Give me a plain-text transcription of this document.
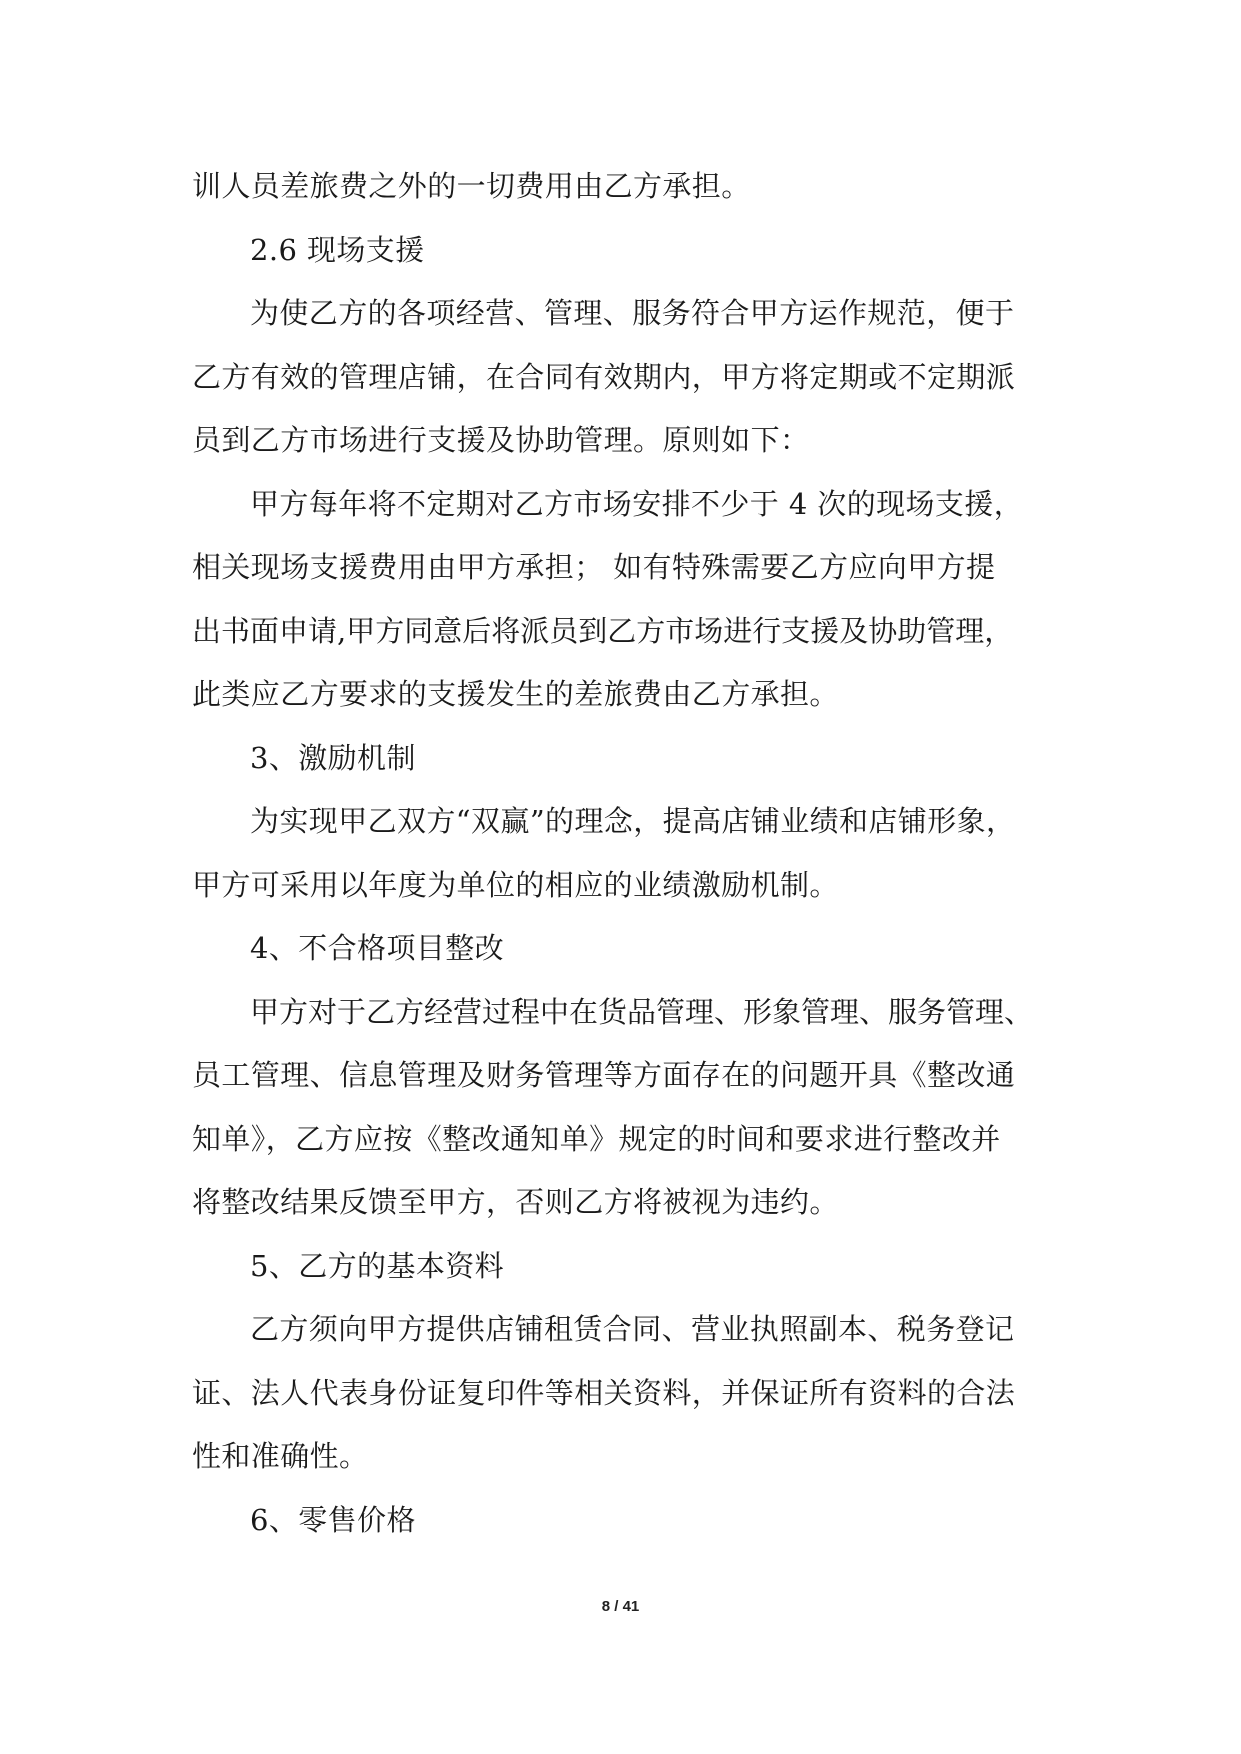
训人员差旅费之外的一切费用由乙方承担。
2.6 现场支援
为使乙方的各项经营、管理、服务符合甲方运作规范，便于
乙方有效的管理店铺，在合同有效期内，甲方将定期或不定期派
员到乙方市场进行支援及协助管理。原则如下：
甲方每年将不定期对乙方市场安排不少于 4 次的现场支援，
相关现场支援费用由甲方承担； 如有特殊需要乙方应向甲方提
出书面申请,甲方同意后将派员到乙方市场进行支援及协助管理，
此类应乙方要求的支援发生的差旅费由乙方承担。
3、激励机制
为实现甲乙双方“双赢”的理念，提高店铺业绩和店铺形象，
甲方可采用以年度为单位的相应的业绩激励机制。
4、不合格项目整改
甲方对于乙方经营过程中在货品管理、形象管理、服务管理、
员工管理、信息管理及财务管理等方面存在的问题开具《整改通
知单》，乙方应按《整改通知单》规定的时间和要求进行整改并
将整改结果反馈至甲方，否则乙方将被视为违约。
5、乙方的基本资料
乙方须向甲方提供店铺租赁合同、营业执照副本、税务登记
证、法人代表身份证复印件等相关资料，并保证所有资料的合法
性和准确性。
6、零售价格
8 / 41
